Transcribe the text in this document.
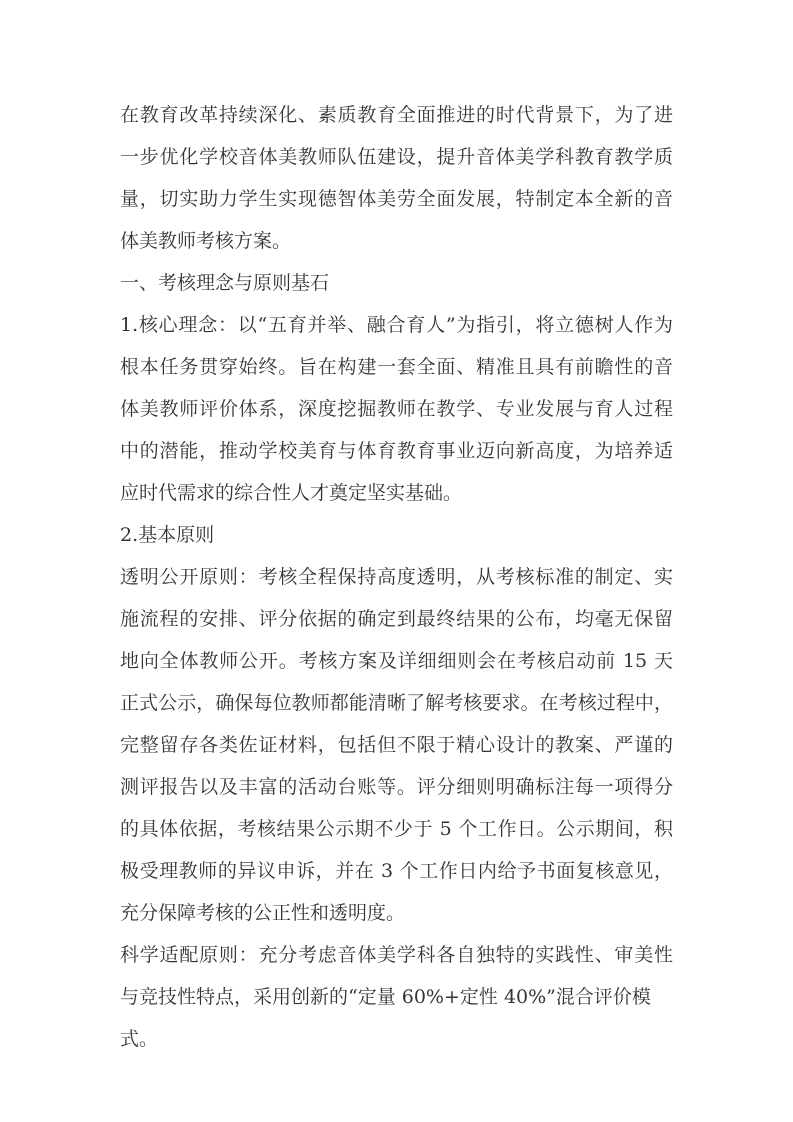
在教育改革持续深化、素质教育全面推进的时代背景下，为了进
一步优化学校音体美教师队伍建设，提升音体美学科教育教学质
量，切实助力学生实现德智体美劳全面发展，特制定本全新的音
体美教师考核方案。
一、考核理念与原则基石
1.核心理念：以“五育并举、融合育人”为指引，将立德树人作为
根本任务贯穿始终。旨在构建一套全面、精准且具有前瞻性的音
体美教师评价体系，深度挖掘教师在教学、专业发展与育人过程
中的潜能，推动学校美育与体育教育事业迈向新高度，为培养适
应时代需求的综合性人才奠定坚实基础。
2.基本原则
透明公开原则：考核全程保持高度透明，从考核标准的制定、实
施流程的安排、评分依据的确定到最终结果的公布，均毫无保留
地向全体教师公开。考核方案及详细细则会在考核启动前 15 天
正式公示，确保每位教师都能清晰了解考核要求。在考核过程中，
完整留存各类佐证材料，包括但不限于精心设计的教案、严谨的
测评报告以及丰富的活动台账等。评分细则明确标注每一项得分
的具体依据，考核结果公示期不少于 5 个工作日。公示期间，积
极受理教师的异议申诉，并在 3 个工作日内给予书面复核意见，
充分保障考核的公正性和透明度。
科学适配原则：充分考虑音体美学科各自独特的实践性、审美性
与竞技性特点，采用创新的“定量 60%+定性 40%”混合评价模式。
